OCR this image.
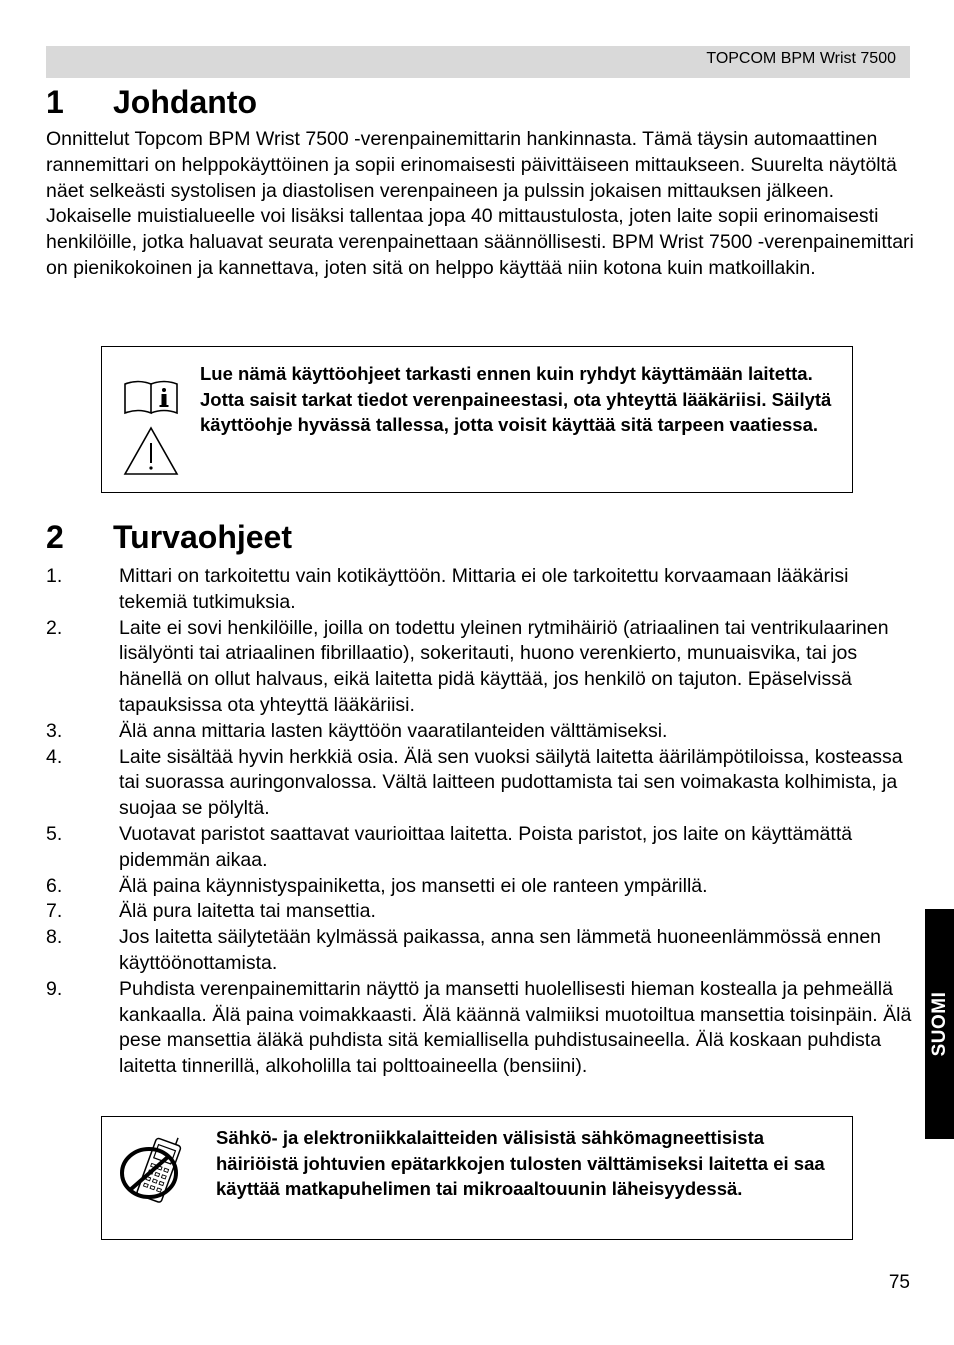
TOPCOM BPM Wrist 7500
1 Johdanto

Onnittelut Topcom BPM Wrist 7500 -verenpainemittarin hankinnasta. Tämä täysin automaattinen rannemittari on helppokäyttöinen ja sopii erinomaisesti päivittäiseen mittaukseen. Suurelta näytöltä näet selkeästi systolisen ja diastolisen verenpaineen ja pulssin jokaisen mittauksen jälkeen.

Jokaiselle muistialueelle voi lisäksi tallentaa jopa 40 mittaustulosta, joten laite sopii erinomaisesti henkilöille, jotka haluavat seurata verenpainettaan säännöllisesti. BPM Wrist 7500 -verenpainemittari on pienikokoinen ja kannettava, joten sitä on helppo käyttää niin kotona kuin matkoillakin.

Lue nämä käyttöohjeet tarkasti ennen kuin ryhdyt käyttämään laitetta. Jotta saisit tarkat tiedot verenpaineestasi, ota yhteyttä lääkäriisi. Säilytä käyttöohje hyvässä tallessa, jotta voisit käyttää sitä tarpeen vaatiessa.
2 Turvaohjeet
1.	Mittari on tarkoitettu vain kotikäyttöön. Mittaria ei ole tarkoitettu korvaamaan lääkärisi tekemiä tutkimuksia.
2.	Laite ei sovi henkilöille, joilla on todettu yleinen rytmihäiriö (atriaalinen tai ventrikulaarinen lisälyönti tai atriaalinen fibrillaatio), sokeritauti, huono verenkierto, munuaisvika, tai jos hänellä on ollut halvaus, eikä laitetta pidä käyttää, jos henkilö on tajuton. Epäselvissä tapauksissa ota yhteyttä lääkäriisi.
3.	Älä anna mittaria lasten käyttöön vaaratilanteiden välttämiseksi.
4.	Laite sisältää hyvin herkkiä osia. Älä sen vuoksi säilytä laitetta äärilämpötiloissa, kosteassa tai suorassa auringonvalossa. Vältä laitteen pudottamista tai sen voimakasta kolhimista, ja suojaa se pölyltä.
5.	Vuotavat paristot saattavat vaurioittaa laitetta. Poista paristot, jos laite on käyttämättä pidemmän aikaa.
6.	Älä paina käynnistyspainiketta, jos mansetti ei ole ranteen ympärillä.
7.	Älä pura laitetta tai mansettia.
8.	Jos laitetta säilytetään kylmässä paikassa, anna sen lämmetä huoneenlämmössä ennen käyttöönottamista.
9.	Puhdista verenpainemittarin näyttö ja mansetti huolellisesti hieman kostealla ja pehmeällä kankaalla. Älä paina voimakkaasti. Älä käännä valmiiksi muotoiltua mansettia toisinpäin. Älä pese mansettia äläkä puhdista sitä kemiallisella puhdistusaineella. Älä koskaan puhdista laitetta tinnerillä, alkoholilla tai polttoaineella (bensiini).
Sähkö- ja elektroniikkalaitteiden välisistä sähkömagneettisista häiriöistä johtuvien epätarkkojen tulosten välttämiseksi laitetta ei saa käyttää matkapuhelimen tai mikroaaltouunin läheisyydessä.
SUOMI
75
